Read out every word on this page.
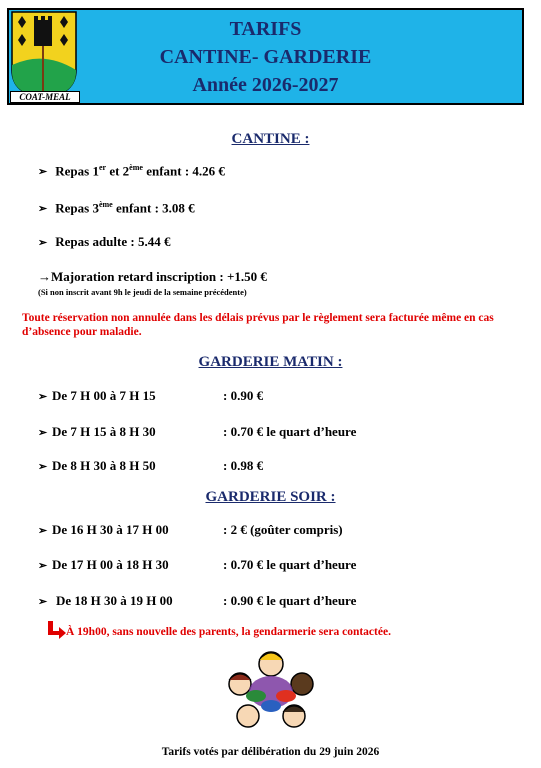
TARIFS
CANTINE- GARDERIE
Année 2026-2027
COAT-MEAL
CANTINE :
➢ Repas 1er et 2ème enfant : 4.26 €
➢ Repas 3ème enfant : 3.08 €
➢ Repas adulte : 5.44 €
→Majoration retard inscription : +1.50 €
(Si non inscrit avant 9h le jeudi de la semaine précédente)
Toute réservation non annulée dans les délais prévus par le règlement sera facturée même en cas d’absence pour maladie.
GARDERIE MATIN :
➢ De 7 H 00 à 7 H 15	: 0.90 €
➢ De 7 H 15 à 8 H 30	: 0.70 € le quart d’heure
➢ De 8 H 30 à 8 H 50	: 0.98 €
GARDERIE SOIR :
➢ De 16 H 30 à 17 H 00	: 2 € (goûter compris)
➢ De 17 H 00 à 18 H 30	: 0.70 € le quart d’heure
➢ De 18 H 30 à 19 H 00	: 0.90 € le quart d’heure
À 19h00, sans nouvelle des parents, la gendarmerie sera contactée.
Tarifs votés par délibération du 29 juin 2026
